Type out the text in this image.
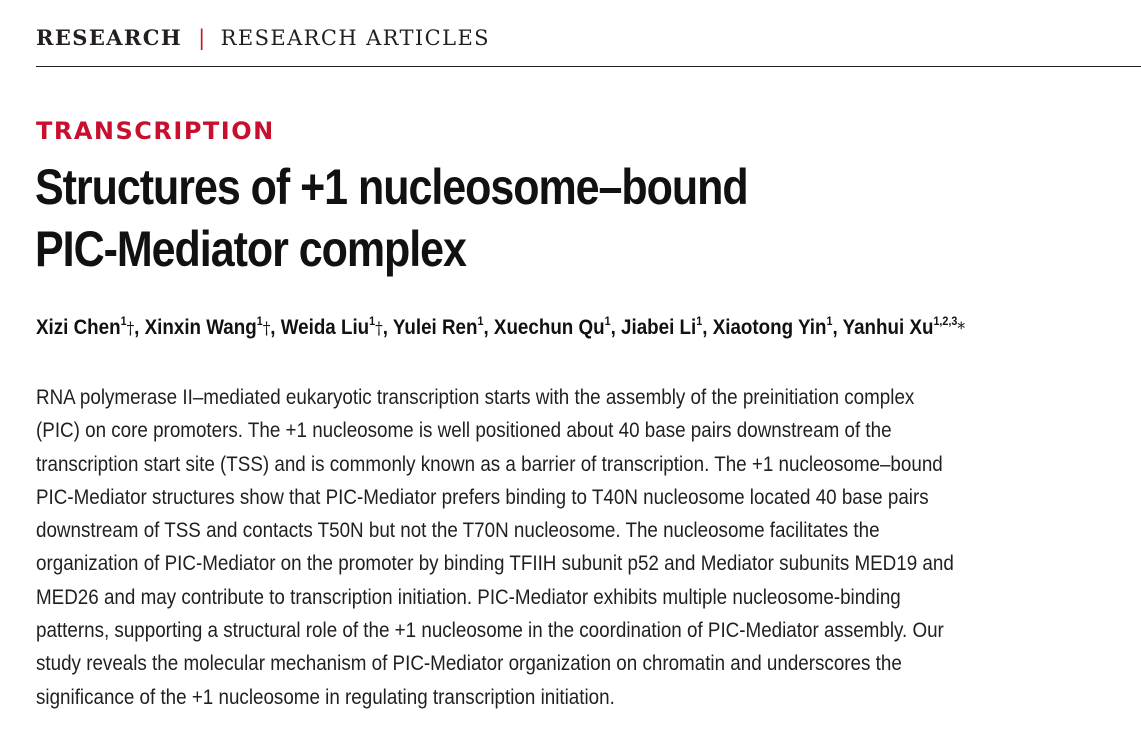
RESEARCH | RESEARCH ARTICLES
TRANSCRIPTION
Structures of +1 nucleosome–bound
PIC-Mediator complex
Xizi Chen$^1$†, Xinxin Wang$^1$†, Weida Liu$^1$†, Yulei Ren$^1$, Xuechun Qu$^1$, Jiabei Li$^1$, Xiaotong Yin$^1$, Yanhui Xu$^{1,2,3}$*

RNA polymerase II–mediated eukaryotic transcription starts with the assembly of the preinitiation complex
(PIC) on core promoters. The +1 nucleosome is well positioned about 40 base pairs downstream of the
transcription start site (TSS) and is commonly known as a barrier of transcription. The +1 nucleosome–bound
PIC-Mediator structures show that PIC-Mediator prefers binding to T40N nucleosome located 40 base pairs
downstream of TSS and contacts T50N but not the T70N nucleosome. The nucleosome facilitates the
organization of PIC-Mediator on the promoter by binding TFIIH subunit p52 and Mediator subunits MED19 and
MED26 and may contribute to transcription initiation. PIC-Mediator exhibits multiple nucleosome-binding
patterns, supporting a structural role of the +1 nucleosome in the coordination of PIC-Mediator assembly. Our
study reveals the molecular mechanism of PIC-Mediator organization on chromatin and underscores the
significance of the +1 nucleosome in regulating transcription initiation.
